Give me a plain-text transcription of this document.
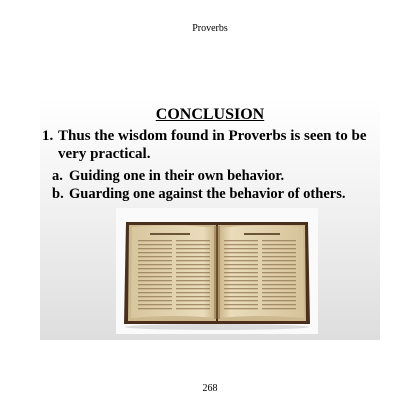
Proverbs
CONCLUSION
1. Thus the wisdom found in Proverbs is seen to be very practical.
a. Guiding one in their own behavior.
b. Guarding one against the behavior of others.
268
